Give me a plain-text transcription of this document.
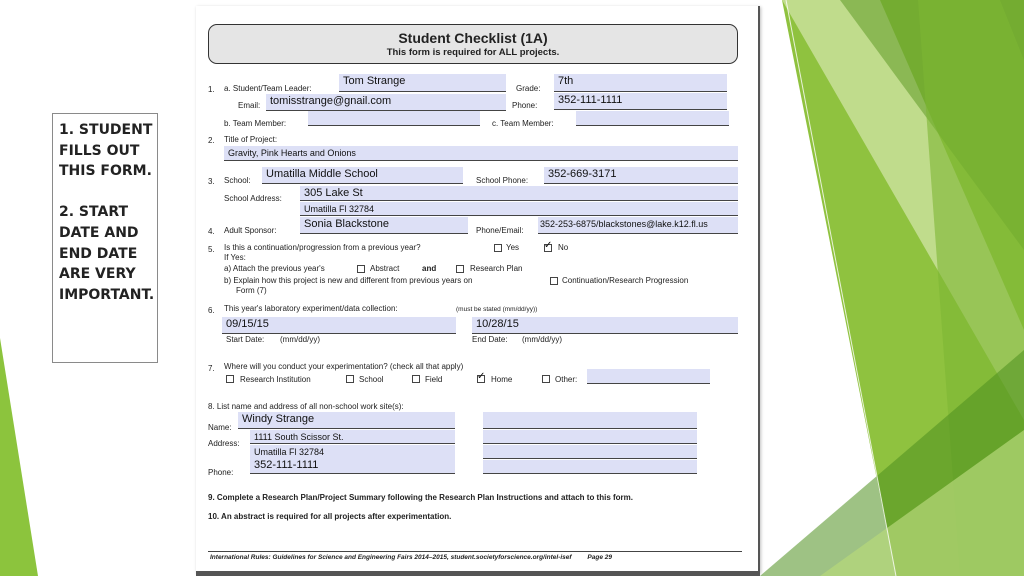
1. STUDENT FILLS OUT THIS FORM.

2. START DATE AND END DATE ARE VERY IMPORTANT.
Student Checklist (1A)
This form is required for ALL projects.
1. a. Student/Team Leader:
Tom Strange
Grade:
7th
Email: tomisstrange@gnail.com	Phone:	352-111-1111
b. Team Member:	c. Team Member:
2. Title of Project:
Gravity, Pink Hearts and Onions
3. School:
Umatilla Middle School
School Phone:
352-669-3171
School Address:	305 Lake St
Umatilla Fl 32784
4. Adult Sponsor:
Sonia Blackstone
Phone/Email:
352-253-6875/blackstones@lake.k12.fl.us
5. Is this a continuation/progression from a previous year?	Yes ✓ No
If Yes:
a) Attach the previous year's	Abstract	and	Research Plan
b) Explain how this project is new and different from previous years on	Continuation/Research Progression
Form (7)
6. This year's laboratory experiment/data collection:	(must be stated (mm/dd/yy))
09/15/15	10/28/15
Start Date: (mm/dd/yy)	End Date: (mm/dd/yy)
7. Where will you conduct your experimentation? (check all that apply)
Research Institution	School	Field	✓ Home	Other:
8. List name and address of all non-school work site(s):
Name:
Windy Strange
Address:
1111 South Scissor St.
Umatilla Fl 32784
Phone:
352-111-1111
9. Complete a Research Plan/Project Summary following the Research Plan Instructions and attach to this form.
10. An abstract is required for all projects after experimentation.
International Rules: Guidelines for Science and Engineering Fairs 2014–2015, student.societyforscience.org/intel-isef Page 29
